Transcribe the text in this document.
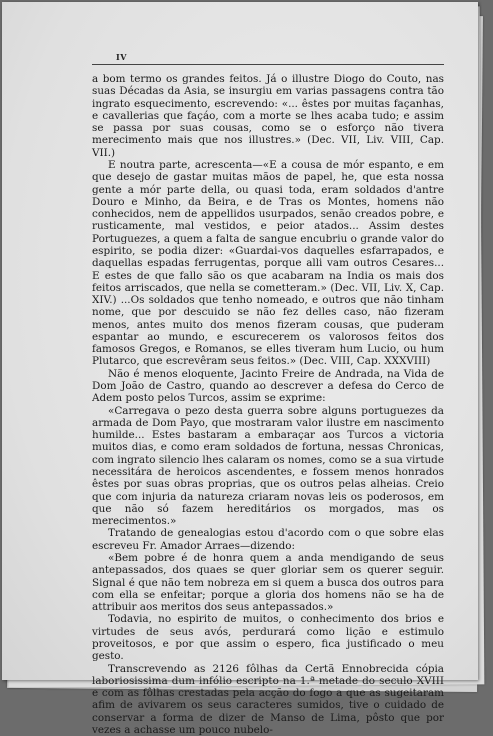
IV

a bom termo os grandes feitos. Já o illustre Diogo do Couto, nas suas Décadas da Asia, se insurgiu em varias passagens contra tão ingrato esquecimento, escrevendo: «... êstes por muitas façanhas, e cavallerias que façáo, com a morte se lhes acaba tudo; e assim se passa por suas cousas, como se o esforço não tivera merecimento mais que nos illustres.» (Dec. VII, Liv. VIII, Cap. VII.)

E noutra parte, acrescenta—«E a cousa de mór espanto, e em que desejo de gastar muitas mãos de papel, he, que esta nossa gente a mór parte della, ou quasi toda, eram soldados d'antre Douro e Minho, da Beira, e de Tras os Montes, homens não conhecidos, nem de appellidos usurpados, senão creados pobre, e rusticamente, mal vestidos, e peior atados... Assim destes Portuguezes, a quem a falta de sangue encubriu o grande valor do espirito, se podia dizer: «Guardai-vos daquelles esfarrapados, e daquellas espadas ferrugentas, porque alli vam outros Cesares... E estes de que fallo são os que acabaram na India os mais dos feitos arriscados, que nella se cometteram.» (Dec. VII, Liv. X, Cap. XIV.) ...Os soldados que tenho nomeado, e outros que não tinham nome, que por descuido se não fez delles caso, não fizeram menos, antes muito dos menos fizeram cousas, que puderam espantar ao mundo, e escurecerem os valorosos feitos dos famosos Gregos, e Romanos, se elles tiveram hum Lucio, ou hum Plutarco, que escrevêram seus feitos.» (Dec. VIII, Cap. XXXVIII)

Não é menos eloquente, Jacinto Freire de Andrada, na Vida de Dom João de Castro, quando ao descrever a defesa do Cerco de Adem posto pelos Turcos, assim se exprime:

«Carregava o pezo desta guerra sobre alguns portuguezes da armada de Dom Payo, que mostraram valor ilustre em nascimento humilde... Estes bastaram a embaraçar aos Turcos a victoria muitos dias, e como eram soldados de fortuna, nessas Chronicas, com ingrato silencio lhes calaram os nomes, como se a sua virtude necessitára de heroicos ascendentes, e fossem menos honrados êstes por suas obras proprias, que os outros pelas alheias. Creio que com injuria da natureza criaram novas leis os poderosos, em que não só fazem hereditários os morgados, mas os merecimentos.»

Tratando de genealogias estou d'acordo com o que sobre elas escreveu Fr. Amador Arraes—dizendo:

«Bem pobre é de honra quem a anda mendigando de seus antepassados, dos quaes se quer gloriar sem os querer seguir. Signal é que não tem nobreza em si quem a busca dos outros para com ella se enfeitar; porque a gloria dos homens não se ha de attribuir aos meritos dos seus antepassados.»

Todavia, no espirito de muitos, o conhecimento dos brios e virtudes de seus avós, perdurará como lição e estimulo proveitosos, e por que assim o espero, fica justificado o meu gesto.

Transcrevendo as 2126 fôlhas da Certã Ennobrecida cópia laboriosissima dum infólio escripto na 1.ª metade do seculo XVIII e com as fôlhas crestadas pela acção do fogo a que as sugeitaram afim de avivarem os seus caracteres sumidos, tive o cuidado de conservar a forma de dizer de Manso de Lima, pôsto que por vezes a achasse um pouco nubelo-
